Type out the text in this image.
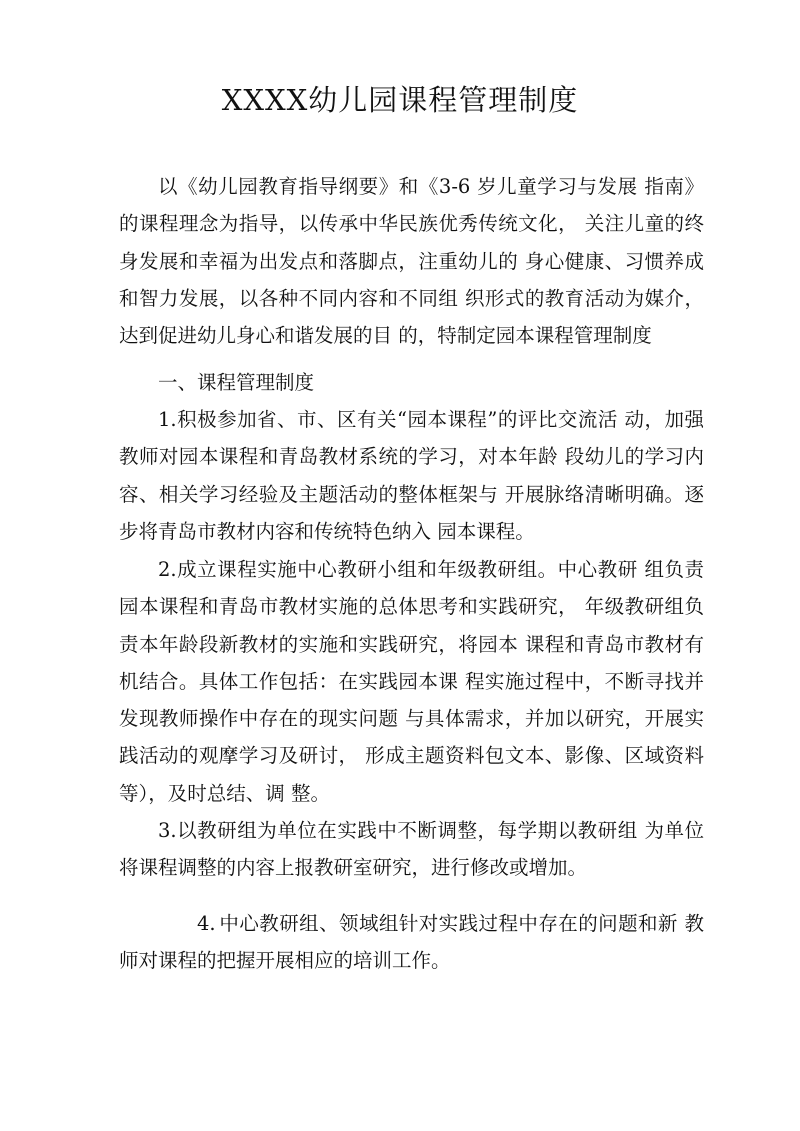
XXXX幼儿园课程管理制度

以《幼儿园教育指导纲要》和《3-6 岁儿童学习与发展 指南》的课程理念为指导，以传承中华民族优秀传统文化， 关注儿童的终身发展和幸福为出发点和落脚点，注重幼儿的 身心健康、习惯养成和智力发展，以各种不同内容和不同组 织形式的教育活动为媒介，达到促进幼儿身心和谐发展的目 的，特制定园本课程管理制度

一、课程管理制度

1.积极参加省、市、区有关“园本课程”的评比交流活 动，加强教师对园本课程和青岛教材系统的学习，对本年龄 段幼儿的学习内容、相关学习经验及主题活动的整体框架与 开展脉络清晰明确。逐步将青岛市教材内容和传统特色纳入 园本课程。

2.成立课程实施中心教研小组和年级教研组。中心教研 组负责园本课程和青岛市教材实施的总体思考和实践研究， 年级教研组负责本年龄段新教材的实施和实践研究，将园本 课程和青岛市教材有机结合。具体工作包括：在实践园本课 程实施过程中，不断寻找并发现教师操作中存在的现实问题 与具体需求，并加以研究，开展实践活动的观摩学习及研讨， 形成主题资料包文本、影像、区域资料等），及时总结、调 整。

3.以教研组为单位在实践中不断调整，每学期以教研组 为单位将课程调整的内容上报教研室研究，进行修改或增加。

4. 中心教研组、领域组针对实践过程中存在的问题和新 教师对课程的把握开展相应的培训工作。
